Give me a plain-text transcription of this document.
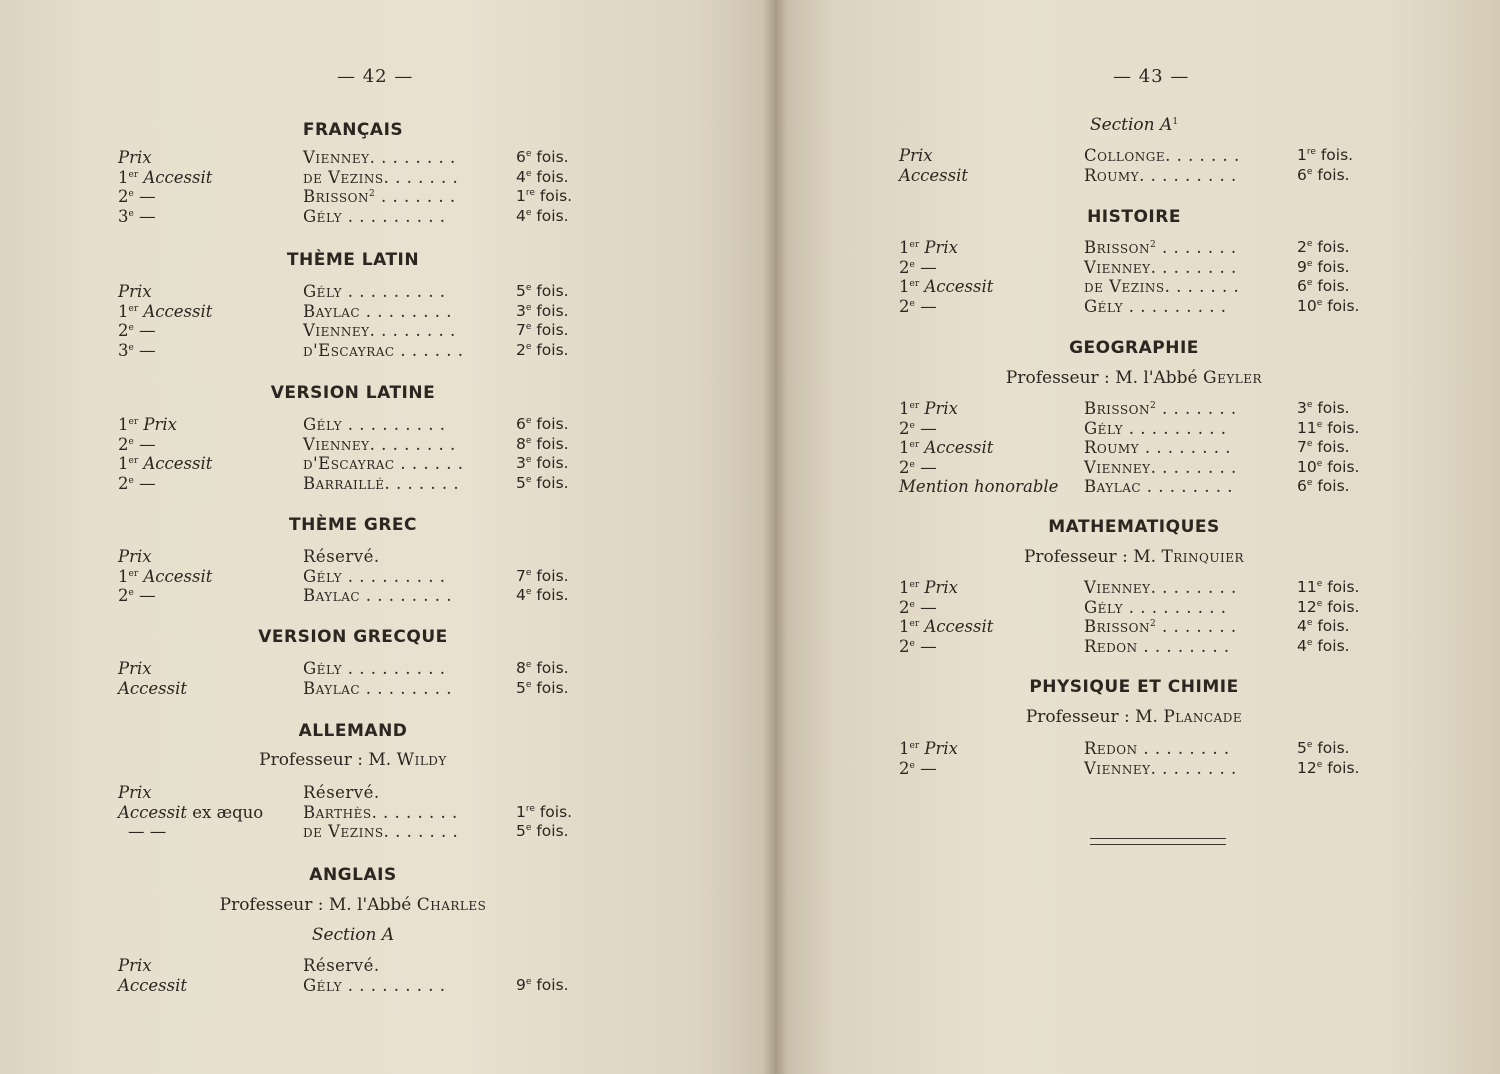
— 42 —
FRANÇAIS
Prix	Vienney. . . . . . . .	6e fois.
1er Accessit	de Vezins. . . . . . .	4e fois.
2e —	Brisson$^2$ . . . . . . .	1re fois.
3e —	Gély . . . . . . . . .	4e fois.
THÈME LATIN
Prix	Gély . . . . . . . . .	5e fois.
1er Accessit	Baylac . . . . . . . .	3e fois.
2e —	Vienney. . . . . . . .	7e fois.
3e —	d'Escayrac . . . . . .	2e fois.
VERSION LATINE
1er Prix	Gély . . . . . . . . .	6e fois.
2e —	Vienney. . . . . . . .	8e fois.
1er Accessit	d'Escayrac . . . . . .	3e fois.
2e —	Barraillé. . . . . . .	5e fois.
THÈME GREC
Prix	Réservé.
1er Accessit	Gély . . . . . . . . .	7e fois.
2e —	Baylac . . . . . . . .	4e fois.
VERSION GRECQUE
Prix	Gély . . . . . . . . .	8e fois.
Accessit	Baylac . . . . . . . .	5e fois.
ALLEMAND
Professeur : M. Wildy
Prix	Réservé.
Accessit ex æquo Barthès. . . . . . . .	1re fois.
— —	de Vezins. . . . . . .	5e fois.
ANGLAIS
Professeur : M. l'Abbé Charles
Section A
Prix	Réservé.
Accessit	Gély . . . . . . . . .	9e fois.
— 43 —
Section $A^1$
Prix	Collonge. . . . . . .	1re fois.
Accessit	Roumy. . . . . . . . .	6e fois.
HISTOIRE
1er Prix	Brisson$^2$ . . . . . . .	2e fois.
2e —	Vienney. . . . . . . .	9e fois.
1er Accessit	de Vezins. . . . . . .	6e fois.
2e —	Gély . . . . . . . . .	10e fois.
GEOGRAPHIE
Professeur : M. l'Abbé Geyler
1er Prix	Brisson$^2$ . . . . . . .	3e fois.
2e —	Gély . . . . . . . . .	11e fois.
1er Accessit	Roumy . . . . . . . .	7e fois.
2e —	Vienney. . . . . . . .	10e fois.
Mention honorable Baylac . . . . . . . .	6e fois.
MATHEMATIQUES
Professeur : M. Trinquier
1er Prix	Vienney. . . . . . . .	11e fois.
2e —	Gély . . . . . . . . .	12e fois.
1er Accessit	Brisson$^2$ . . . . . . .	4e fois.
2e —	Redon . . . . . . . .	4e fois.
PHYSIQUE ET CHIMIE
Professeur : M. Plancade
1er Prix	Redon . . . . . . . .	5e fois.
2e —	Vienney. . . . . . . .	12e fois.
